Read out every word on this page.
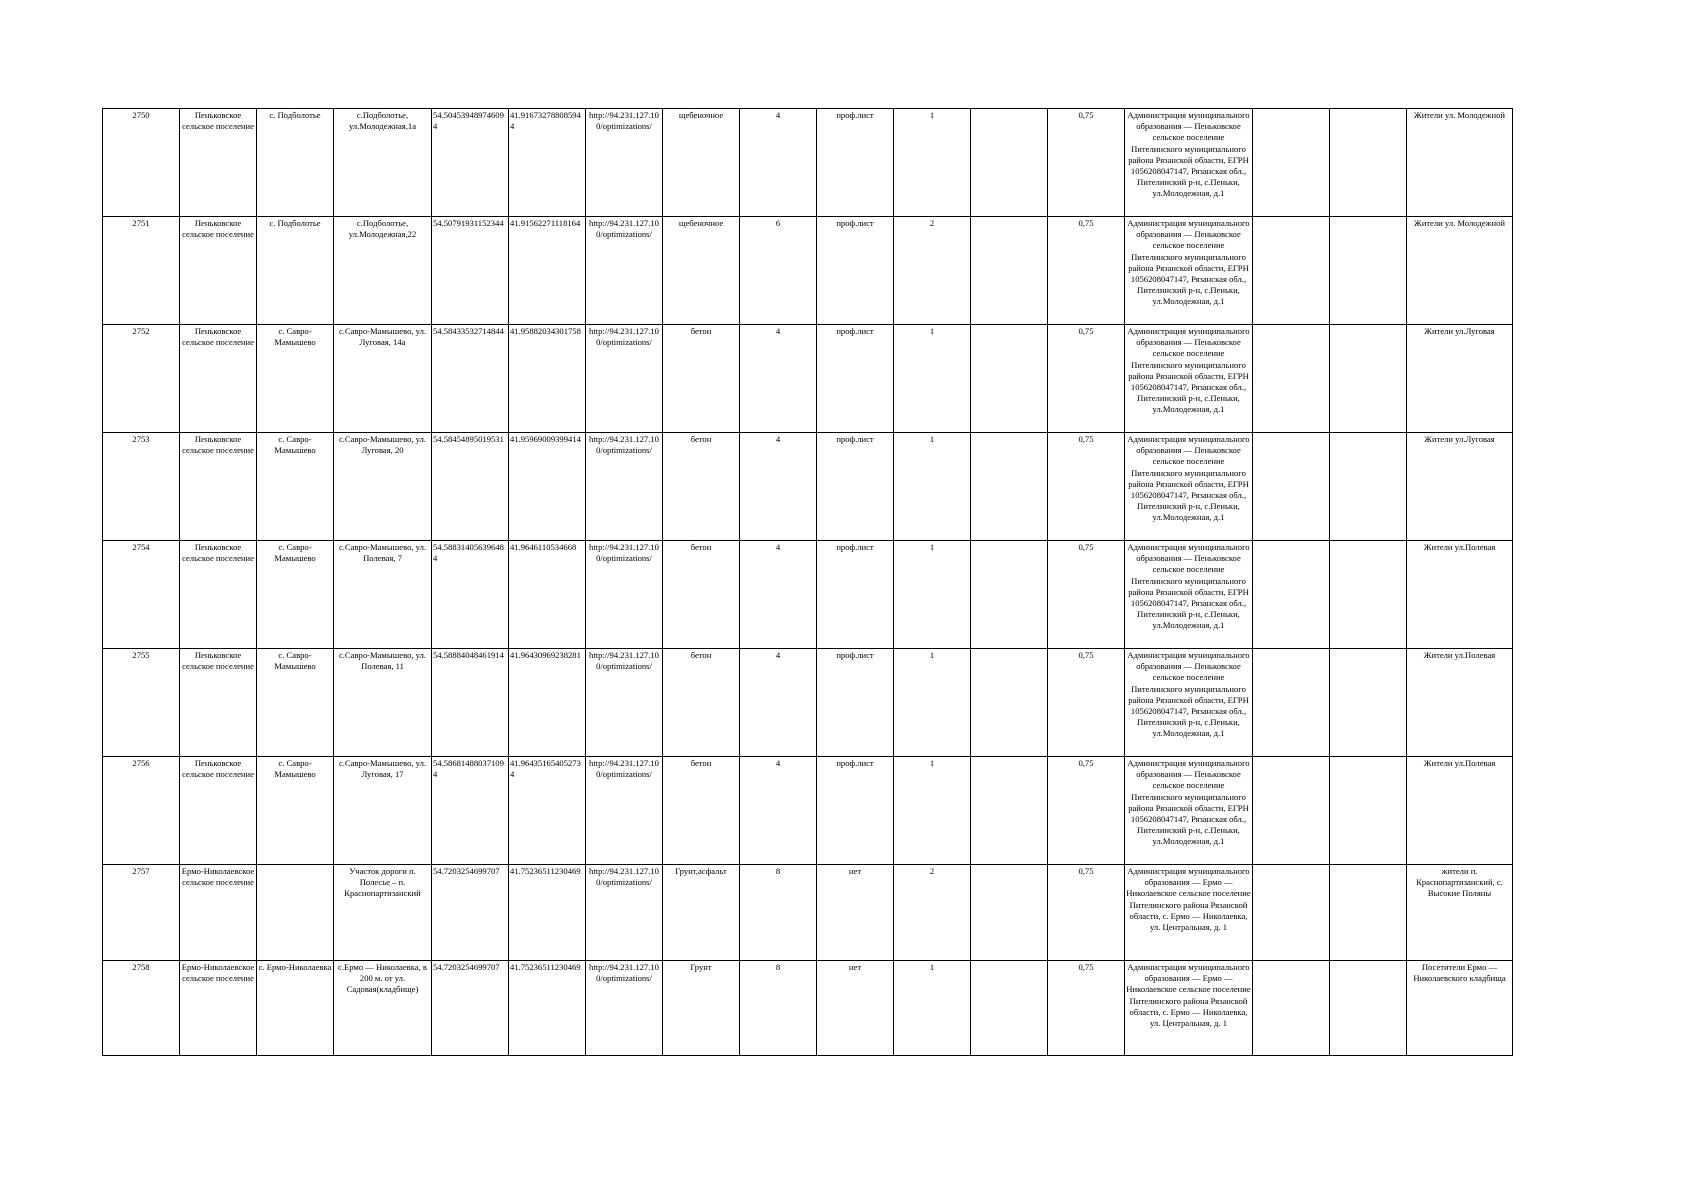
2750	Пеньковское сельское поселение	с. Подболотье	с.Подболотье, ул.Молодежная,1а	54.50453948974609 4	41.916732788085944	http://94.231.127.100/optimizations/	щебеночное	4	проф.лист	1		0,75	Администрация муниципального образования — Пеньковское сельское поселение Пителинского муниципального района Рязанской области, ЕГРН 1056208047147, Рязанская обл., Пителинский р-н, с.Пеньки, ул.Молодежная, д.1			Жители ул. Молодежной
2751	Пеньковское сельское поселение	с. Подболотье	с.Подболотье, ул.Молодежная,22	54.50791931152344	41.91562271118164	http://94.231.127.100/optimizations/	щебеночное	6	проф.лист	2		0,75	Администрация муниципального образования — Пеньковское сельское поселение Пителинского муниципального района Рязанской области, ЕГРН 1056208047147, Рязанская обл., Пителинский р-н, с.Пеньки, ул.Молодежная, д.1			Жители ул. Молодежной
2752	Пеньковское сельское поселение	с. Савро-Мамышево	с.Савро-Мамышево, ул. Луговая, 14а	54.58433532714844	41.95882034301758	http://94.231.127.100/optimizations/	бетон	4	проф.лист	1		0,75	Администрация муниципального образования — Пеньковское сельское поселение Пителинского муниципального района Рязанской области, ЕГРН 1056208047147, Рязанская обл., Пителинский р-н, с.Пеньки, ул.Молодежная, д.1			Жители ул.Луговая
2753	Пеньковское сельское поселение	с. Савро-Мамышево	с.Савро-Мамышево, ул. Луговая, 20	54.58454895019531	41.95969009399414	http://94.231.127.100/optimizations/	бетон	4	проф.лист	1		0,75	Администрация муниципального образования — Пеньковское сельское поселение Пителинского муниципального района Рязанской области, ЕГРН 1056208047147, Рязанская обл., Пителинский р-н, с.Пеньки, ул.Молодежная, д.1			Жители ул.Луговая
2754	Пеньковское сельское поселение	с. Савро-Мамышево	с.Савро-Мамышево, ул. Полевая, 7	54.58831405639648 4	41.9646110534668	http://94.231.127.100/optimizations/	бетон	4	проф.лист	1		0,75	Администрация муниципального образования — Пеньковское сельское поселение Пителинского муниципального района Рязанской области, ЕГРН 1056208047147, Рязанская обл., Пителинский р-н, с.Пеньки, ул.Молодежная, д.1			Жители ул.Полевая
2755	Пеньковское сельское поселение	с. Савро-Мамышево	с.Савро-Мамышево, ул. Полевая, 11	54.58884048461914	41.96430969238281	http://94.231.127.100/optimizations/	бетон	4	проф.лист	1		0,75	Администрация муниципального образования — Пеньковское сельское поселение Пителинского муниципального района Рязанской области, ЕГРН 1056208047147, Рязанская обл., Пителинский р-н, с.Пеньки, ул.Молодежная, д.1			Жители ул.Полевая
2756	Пеньковское сельское поселение	с. Савро-Мамышево	с.Савро-Мамышево, ул. Луговая, 17	54.58681488037109 4	41.96435165405273 4	http://94.231.127.100/optimizations/	бетон	4	проф.лист	1		0,75	Администрация муниципального образования — Пеньковское сельское поселение Пителинского муниципального района Рязанской области, ЕГРН 1056208047147, Рязанская обл., Пителинский р-н, с.Пеньки, ул.Молодежная, д.1			Жители ул.Полевая
2757	Ермо-Николаевское сельское поселение		Участок дороги п. Полесье – п. Краснопартизанский	54.7203254699707	41.75236511230469	http://94.231.127.100/optimizations/	Грунт,асфальт	8	нет	2		0,75	Администрация муниципального образования — Ермо — Николаевское сельское поселение Пителинского района Рязанской области, с. Ермо — Николаевка, ул. Центральная, д. 1			жители п. Краснопартизанский, с. Высокие Поляны
2758	Ермо-Николаевское сельское поселение	с. Ермо-Николаевка	с.Ермо — Николаевка, в 200 м. от ул. Садовая(кладбище)	54.7203254699707	41.75236511230469	http://94.231.127.100/optimizations/	Грунт	8	нет	1		0,75	Администрация муниципального образования — Ермо — Николаевское сельское поселение Пителинского района Рязанской области, с. Ермо — Николаевка, ул. Центральная, д. 1			Посетители Ермо — Николаевского кладбища
